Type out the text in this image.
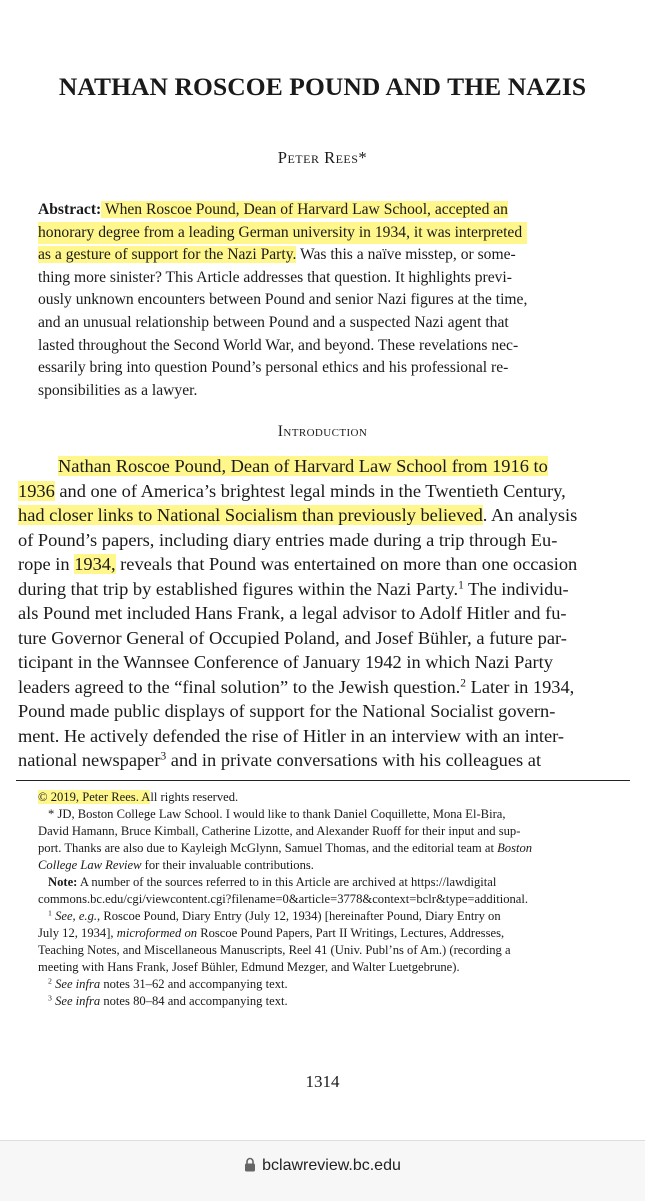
NATHAN ROSCOE POUND AND THE NAZIS
Peter Rees*
Abstract: When Roscoe Pound, Dean of Harvard Law School, accepted an
honorary degree from a leading German university in 1934, it was interpreted
as a gesture of support for the Nazi Party. Was this a naïve misstep, or some-
thing more sinister? This Article addresses that question. It highlights previ-
ously unknown encounters between Pound and senior Nazi figures at the time,
and an unusual relationship between Pound and a suspected Nazi agent that
lasted throughout the Second World War, and beyond. These revelations nec-
essarily bring into question Pound’s personal ethics and his professional re-
sponsibilities as a lawyer.
Introduction
Nathan Roscoe Pound, Dean of Harvard Law School from 1916 to
1936 and one of America’s brightest legal minds in the Twentieth Century,
had closer links to National Socialism than previously believed. An analysis
of Pound’s papers, including diary entries made during a trip through Eu-
rope in 1934, reveals that Pound was entertained on more than one occasion
during that trip by established figures within the Nazi Party.$^1$ The individu-
als Pound met included Hans Frank, a legal advisor to Adolf Hitler and fu-
ture Governor General of Occupied Poland, and Josef Bühler, a future par-
ticipant in the Wannsee Conference of January 1942 in which Nazi Party
leaders agreed to the “final solution” to the Jewish question.$^2$ Later in 1934,
Pound made public displays of support for the National Socialist govern-
ment. He actively defended the rise of Hitler in an interview with an inter-
national newspaper$^3$ and in private conversations with his colleagues at
© 2019, Peter Rees. All rights reserved.
* JD, Boston College Law School. I would like to thank Daniel Coquillette, Mona El-Bira,
David Hamann, Bruce Kimball, Catherine Lizotte, and Alexander Ruoff for their input and sup-
port. Thanks are also due to Kayleigh McGlynn, Samuel Thomas, and the editorial team at Boston
College Law Review for their invaluable contributions.
Note: A number of the sources referred to in this Article are archived at https://lawdigital
commons.bc.edu/cgi/viewcontent.cgi?filename=0&article=3778&context=bclr&type=additional.
$^1$ See, e.g., Roscoe Pound, Diary Entry (July 12, 1934) [hereinafter Pound, Diary Entry on
July 12, 1934], microformed on Roscoe Pound Papers, Part II Writings, Lectures, Addresses,
Teaching Notes, and Miscellaneous Manuscripts, Reel 41 (Univ. Publ’ns of Am.) (recording a
meeting with Hans Frank, Josef Bühler, Edmund Mezger, and Walter Luetgebrune).
$^2$ See infra notes 31–62 and accompanying text.
$^3$ See infra notes 80–84 and accompanying text.
1314
bclawreview.bc.edu
